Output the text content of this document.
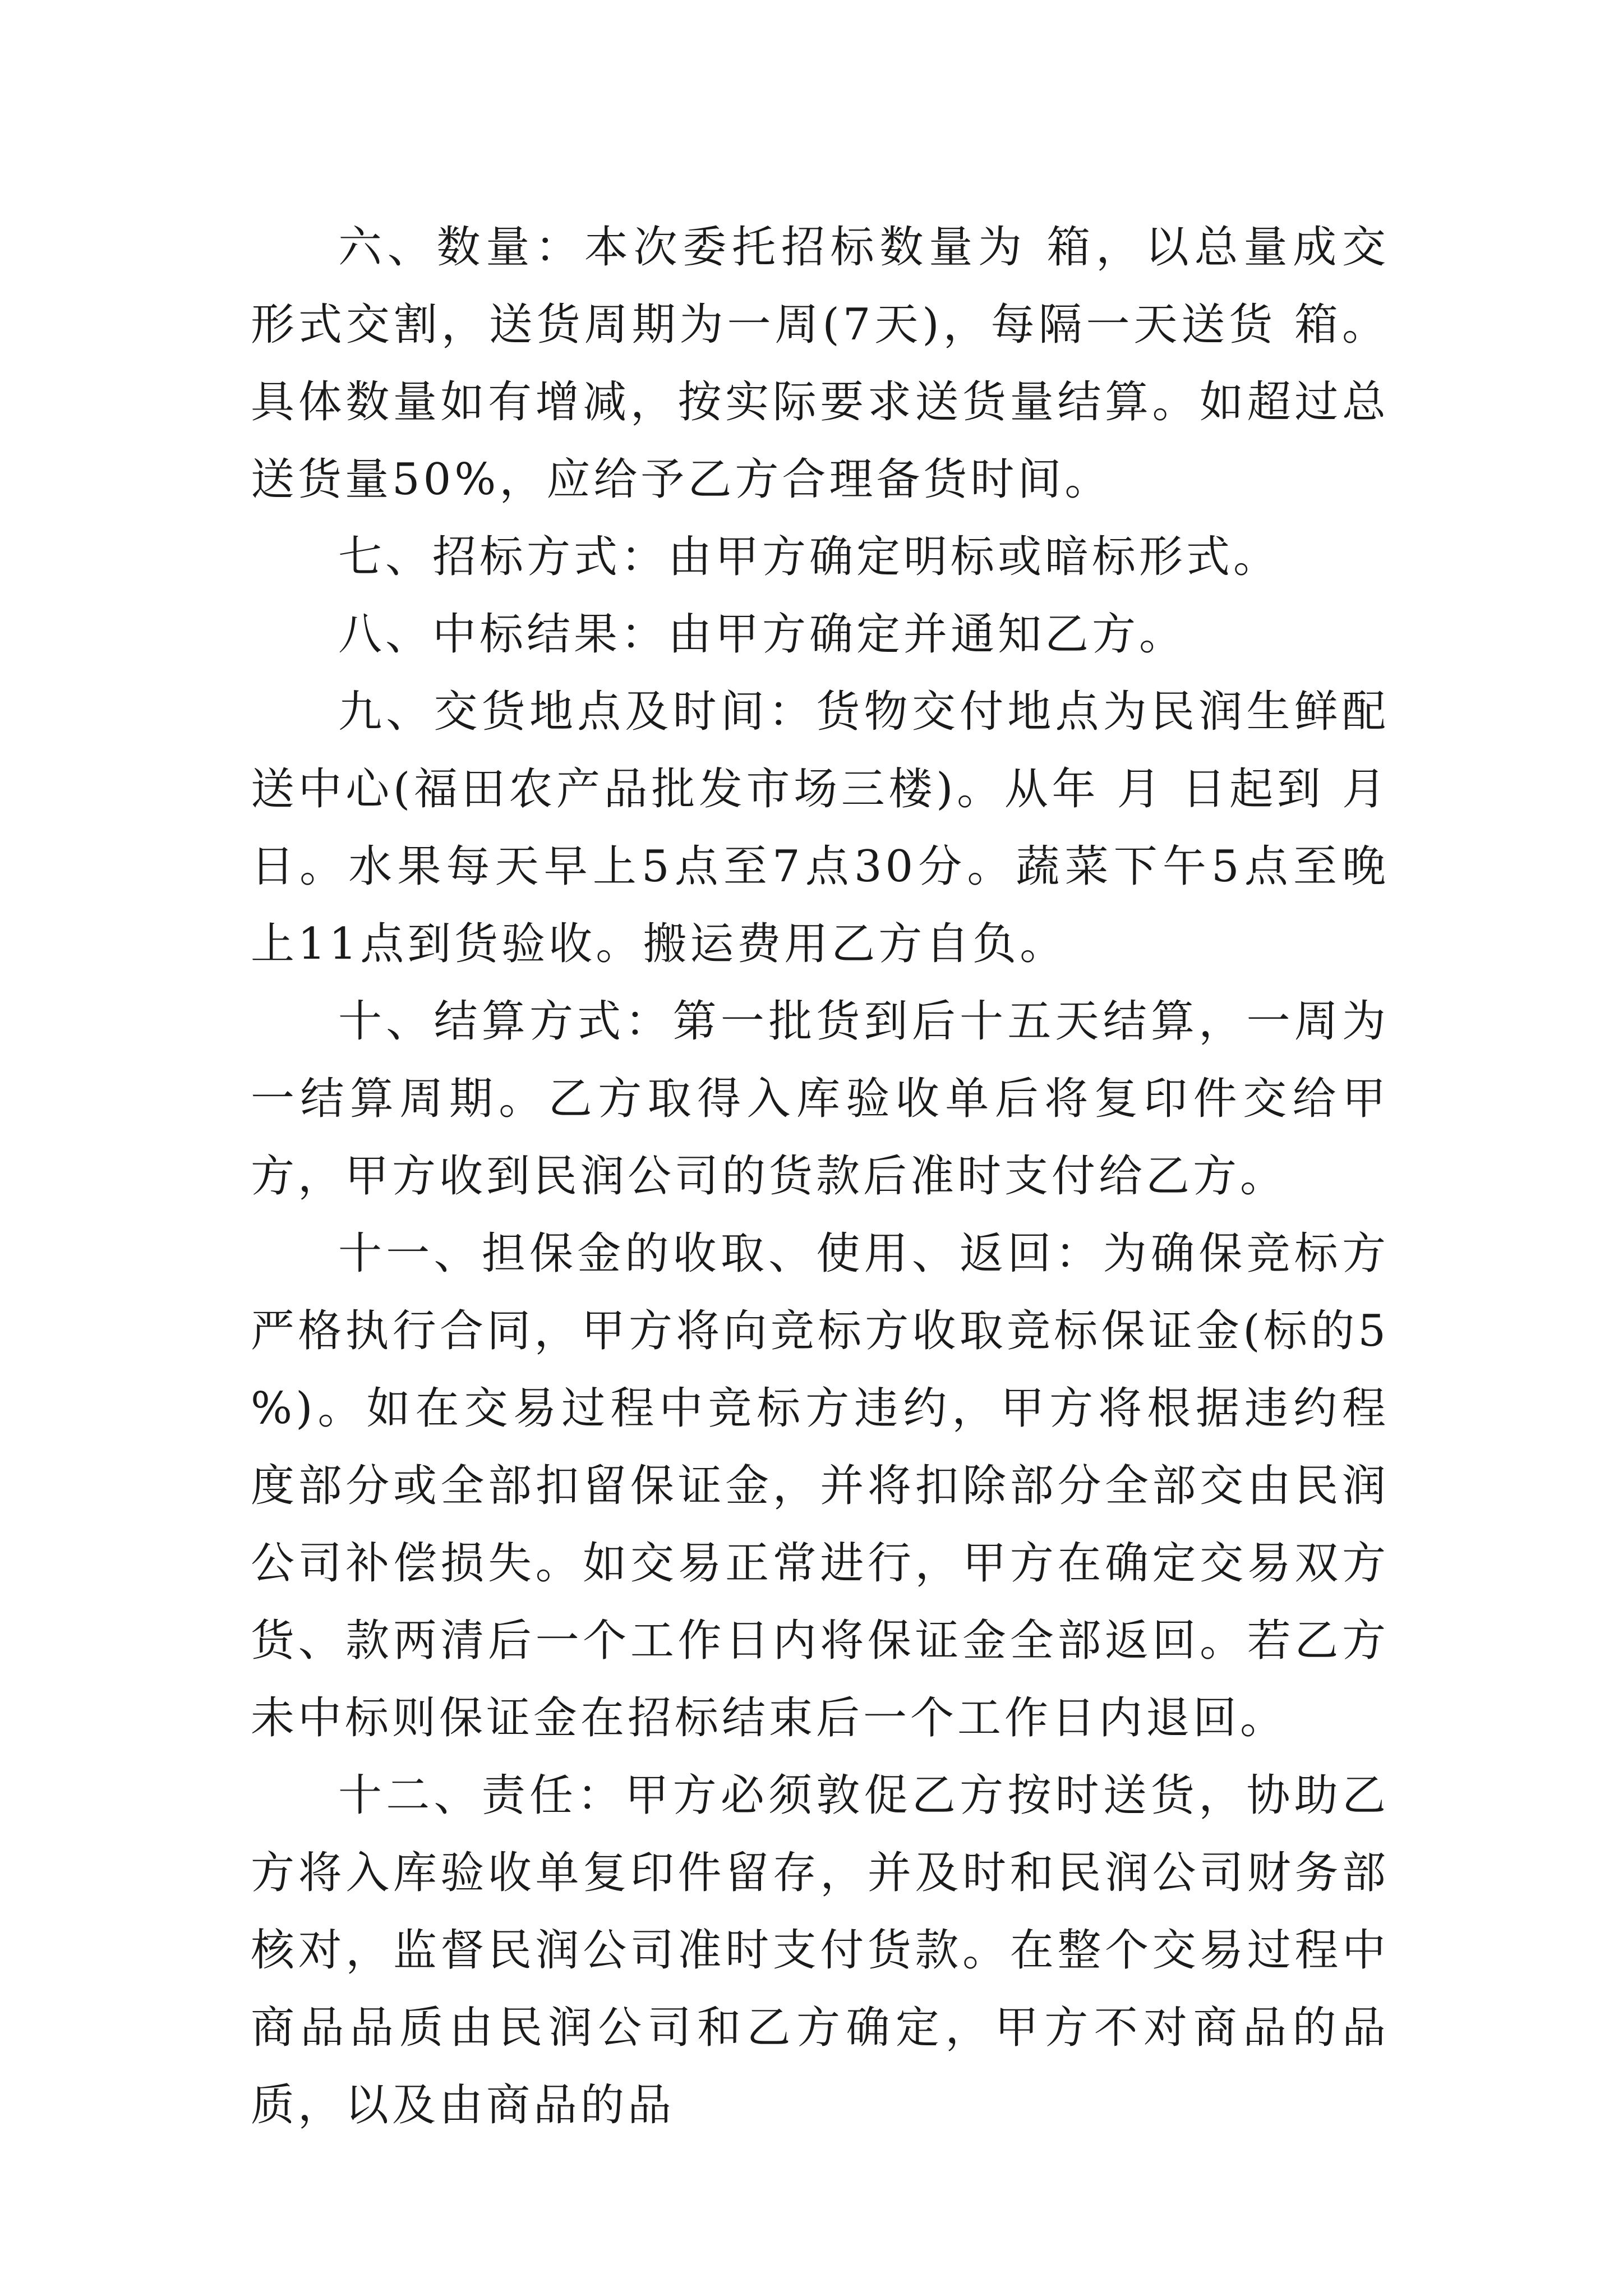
六、数量：本次委托招标数量为 箱，以总量成交形式交割，送货周期为一周(7天)，每隔一天送货 箱。具体数量如有增减，按实际要求送货量结算。如超过总送货量50%，应给予乙方合理备货时间。

七、招标方式：由甲方确定明标或暗标形式。

八、中标结果：由甲方确定并通知乙方。

九、交货地点及时间：货物交付地点为民润生鲜配送中心(福田农产品批发市场三楼)。从年 月 日起到 月 日。水果每天早上5点至7点30分。蔬菜下午5点至晚上11点到货验收。搬运费用乙方自负。

十、结算方式：第一批货到后十五天结算，一周为一结算周期。乙方取得入库验收单后将复印件交给甲方，甲方收到民润公司的货款后准时支付给乙方。

十一、担保金的收取、使用、返回：为确保竞标方严格执行合同，甲方将向竞标方收取竞标保证金(标的5 %)。如在交易过程中竞标方违约，甲方将根据违约程度部分或全部扣留保证金，并将扣除部分全部交由民润公司补偿损失。如交易正常进行，甲方在确定交易双方货、款两清后一个工作日内将保证金全部返回。若乙方未中标则保证金在招标结束后一个工作日内退回。

十二、责任：甲方必须敦促乙方按时送货，协助乙方将入库验收单复印件留存，并及时和民润公司财务部核对，监督民润公司准时支付货款。在整个交易过程中商品品质由民润公司和乙方确定，甲方不对商品的品质，以及由商品的品
